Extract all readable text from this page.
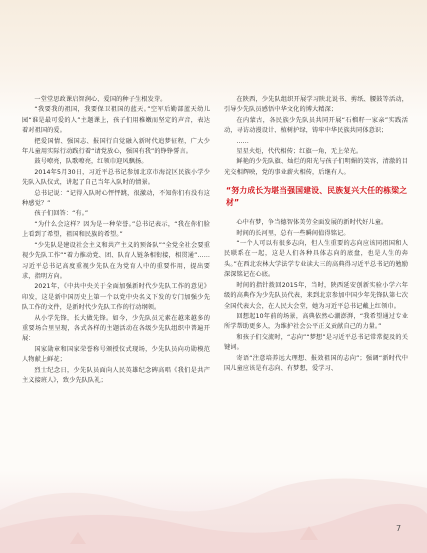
一堂堂思政课启智润心、爱国的种子生根发芽。

“我要我的祖国，我要保卫祖国的蓝天。”空军后勤部蓝天幼儿园“谁是最可爱的人”主题课上，孩子们用稚嫩而坚定的声音，表达着对祖国的爱。

把爱国情、强国志、报国行自觉融入新时代追梦征程，广大少年儿童用实际行动践行着“请党放心，强国有我”的铮铮誓言。

鼓号嘹亮，队歌嘹亮，红领巾迎风飘扬。

2014年5月30日，习近平总书记参加北京市海淀区民族小学少先队入队仪式，讲起了自己当年入队时的情景。

总书记说：“记得入队时心怦怦跳，很激动，不知你们有没有这种感觉？”

孩子们回答：“有。”

“为什么会这样？因为是一种荣誉。”总书记表示，“我在你们脸上看到了希望，祖国和民族的希望。”

“少先队是建设社会主义和共产主义的预备队”“全党全社会要重视少先队工作”“着力推动党、团、队育人链条相衔接，相贯通”……习近平总书记高度重视少先队在为党育人中的重要作用，提出要求，指明方向。

2021年，《中共中央关于全面加强新时代少先队工作的意见》印发，这是新中国历史上第一个以党中央名义下发的专门加强少先队工作的文件，是新时代少先队工作的行动纲领。

从小学先锋，长大做先锋。如今，少先队员元素在越来越多的重要场合里呈现，各式各样的主题活动在各级少先队组织中普遍开展：

国家勋章和国家荣誉称号颁授仪式现场，少先队员向功勋模范人物献上鲜花；

烈士纪念日，少先队员面向人民英雄纪念碑高唱《我们是共产主义接班人》，致少先队队礼；

在陕西，少先队组织开展学习陕北说书、剪纸、腰鼓等活动，引导少先队员感悟中华文化的博大精深；

在内蒙古，各民族少先队员共同开展“石榴籽一家亲”实践活动，寻访动漫设计、植树护绿，铸牢中华民族共同体意识；

……

星星火炬，代代相传；红旗一角，无上荣光。

鲜艳的少先队旗、灿烂的阳光与孩子们明媚的笑容，清澈的目光交相辉映，党的事业薪火相传，后继有人。

“努力成长为堪当强国建设、民族复兴大任的栋梁之材”

心中有梦，争当德智体美劳全面发展的新时代好儿童。

时间的长河里，总有一些瞬间值得铭记。

“一个人可以有很多志向，但人生重要的志向应该同祖国和人民联系在一起，这是人们各种具体志向的底盘，也是人生的奔头。”在西北农林大学法学专业读大三的高典得习近平总书记的勉励深深铭记在心底。

时间的指针拨回2015年，当时，陕西延安创新实验小学六年级的高典作为少先队员代表，来到北京参加中国少年先锋队第七次全国代表大会，在人民大会堂，她为习近平总书记戴上红领巾。

回想起10年前的场景，高典依然心潮澎湃，“我希望通过专业所学帮助更多人，为维护社会公平正义贡献自己的力量。”

和孩子们交流时，“志向”“梦想”是习近平总书记常常提及的关键词。

寄语“注意培养远大理想、报效祖国的志向”；强调“新时代中国儿童应该是有志向、有梦想，爱学习、

7
